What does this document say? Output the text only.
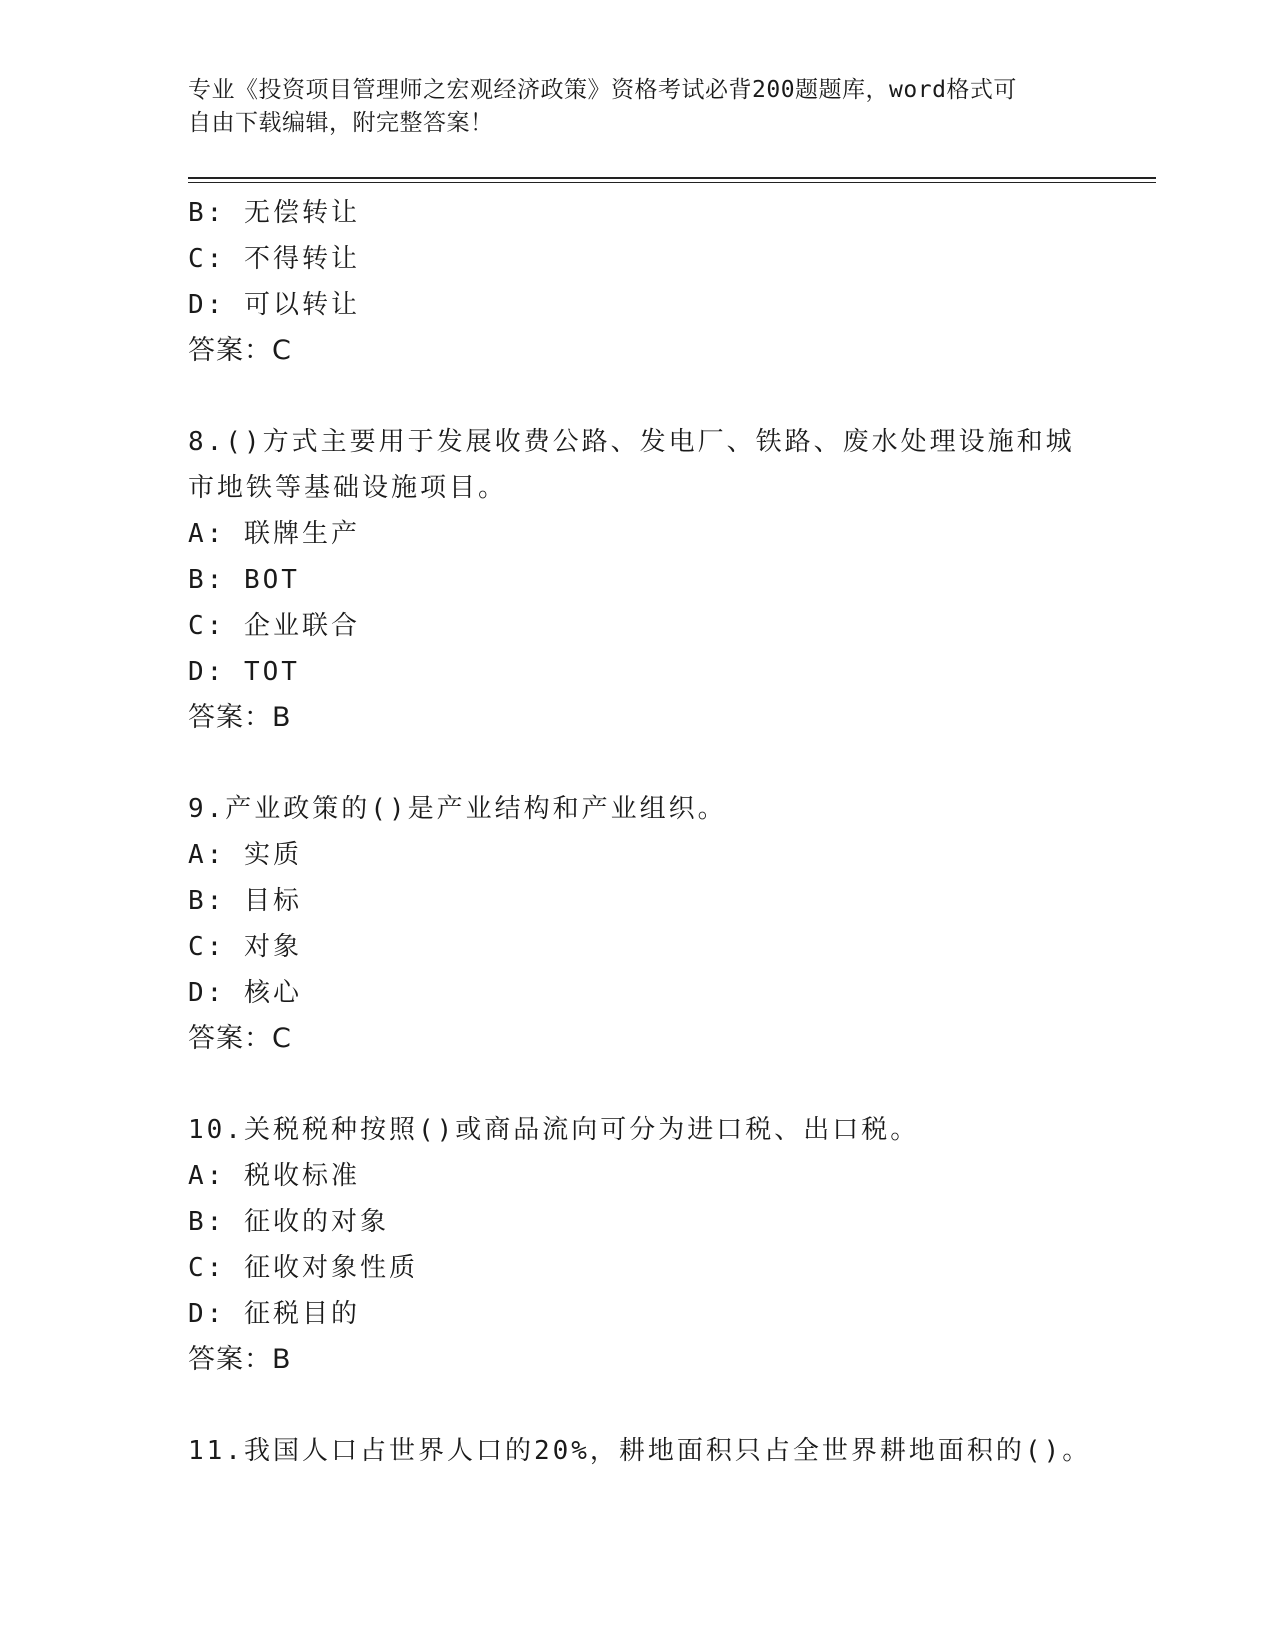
专业《投资项目管理师之宏观经济政策》资格考试必背200题题库，word格式可
自由下载编辑，附完整答案！
B: 无偿转让
C: 不得转让
D: 可以转让
答案：C
8.()方式主要用于发展收费公路、发电厂、铁路、废水处理设施和城
市地铁等基础设施项目。
A: 联牌生产
B: BOT
C: 企业联合
D: TOT
答案：B
9.产业政策的()是产业结构和产业组织。
A: 实质
B: 目标
C: 对象
D: 核心
答案：C
10.关税税种按照()或商品流向可分为进口税、出口税。
A: 税收标准
B: 征收的对象
C: 征收对象性质
D: 征税目的
答案：B
11.我国人口占世界人口的20%，耕地面积只占全世界耕地面积的()。
